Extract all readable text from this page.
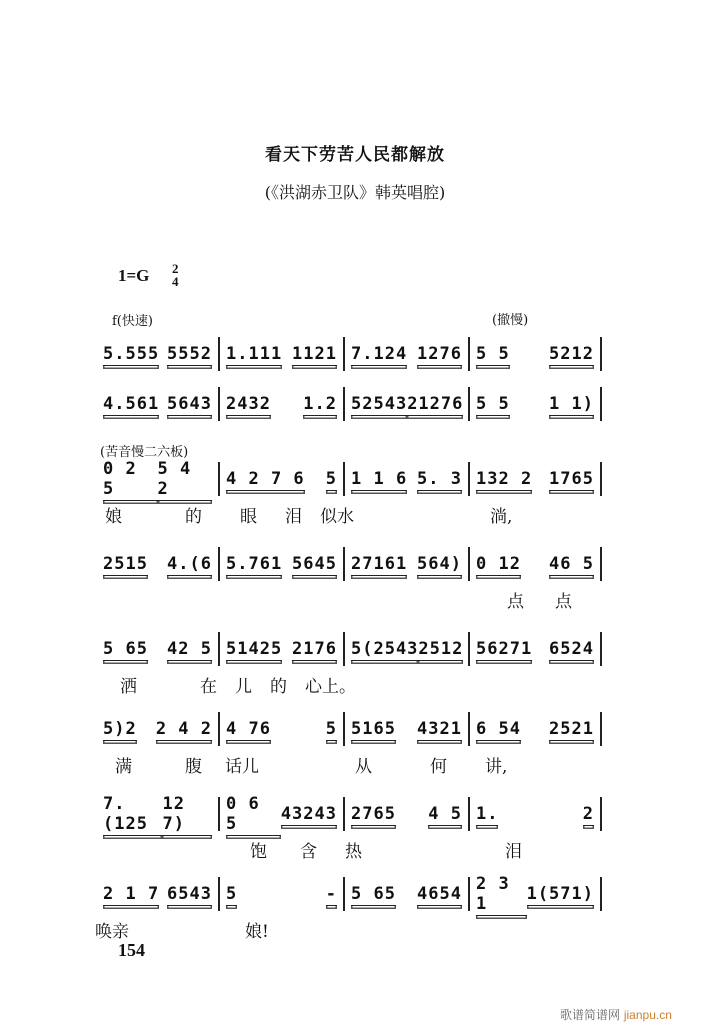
看天下劳苦人民都解放
(《洪湖赤卫队》韩英唱腔)
1=G 2
4
f(快速)	(撤慢)
(苦音慢二六板)
5.555 5552 1.111 1121 7.124 1276 5 5 5212
4.561 5643 2432 1.2 52543 21276 5 5 1 1)
0 2 5
5 4 2	4 2 7 6 5 1 1 6 5. 3 132 2 1765
娘	的 眼 泪 似水	淌,
2515 4.(6 5.761 5645 27161 564) 0 12 46 5
点 点
5 65 42 5 51425 2176 5(2543 2512 56271 6524
洒	在 儿 的 心上。
5)2 2 4 2 4 76	5 5165 4321 6 54 2521
满	腹 话儿	从	何 讲,
7.(125
12 7)
0 6 5	43243 2765 4 5 1.	2
饱 含 热	泪
2 1 7 6543 5	- 5 65 4654 2 3 1	1(571)
唤亲	娘!
154
歌谱简谱网 jianpu.cn
